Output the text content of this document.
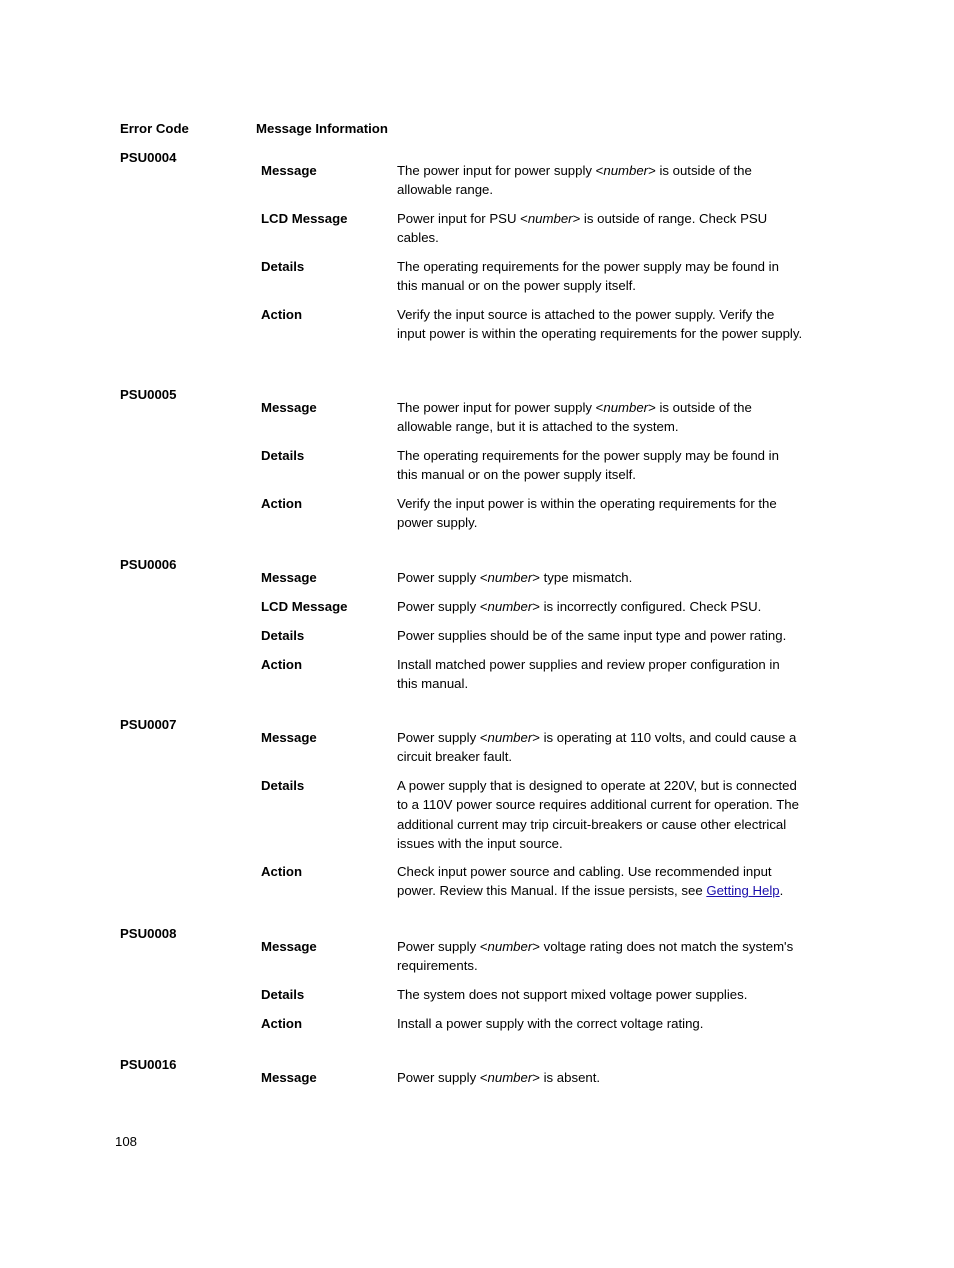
Error Code	Message Information
PSU0004
Message	The power input for power supply <number> is outside of the allowable range.
LCD Message	Power input for PSU <number> is outside of range. Check PSU cables.
Details	The operating requirements for the power supply may be found in this manual or on the power supply itself.
Action	Verify the input source is attached to the power supply. Verify the input power is within the operating requirements for the power supply.
PSU0005
Message	The power input for power supply <number> is outside of the allowable range, but it is attached to the system.
Details	The operating requirements for the power supply may be found in this manual or on the power supply itself.
Action	Verify the input power is within the operating requirements for the power supply.
PSU0006
Message	Power supply <number> type mismatch.
LCD Message	Power supply <number> is incorrectly configured. Check PSU.
Details	Power supplies should be of the same input type and power rating.
Action	Install matched power supplies and review proper configuration in this manual.
PSU0007
Message	Power supply <number> is operating at 110 volts, and could cause a circuit breaker fault.
Details	A power supply that is designed to operate at 220V, but is connected to a 110V power source requires additional current for operation. The additional current may trip circuit-breakers or cause other electrical issues with the input source.
Action	Check input power source and cabling. Use recommended input power. Review this Manual. If the issue persists, see Getting Help.
PSU0008
Message	Power supply <number> voltage rating does not match the system's requirements.
Details	The system does not support mixed voltage power supplies.
Action	Install a power supply with the correct voltage rating.
PSU0016
Message	Power supply <number> is absent.
108
